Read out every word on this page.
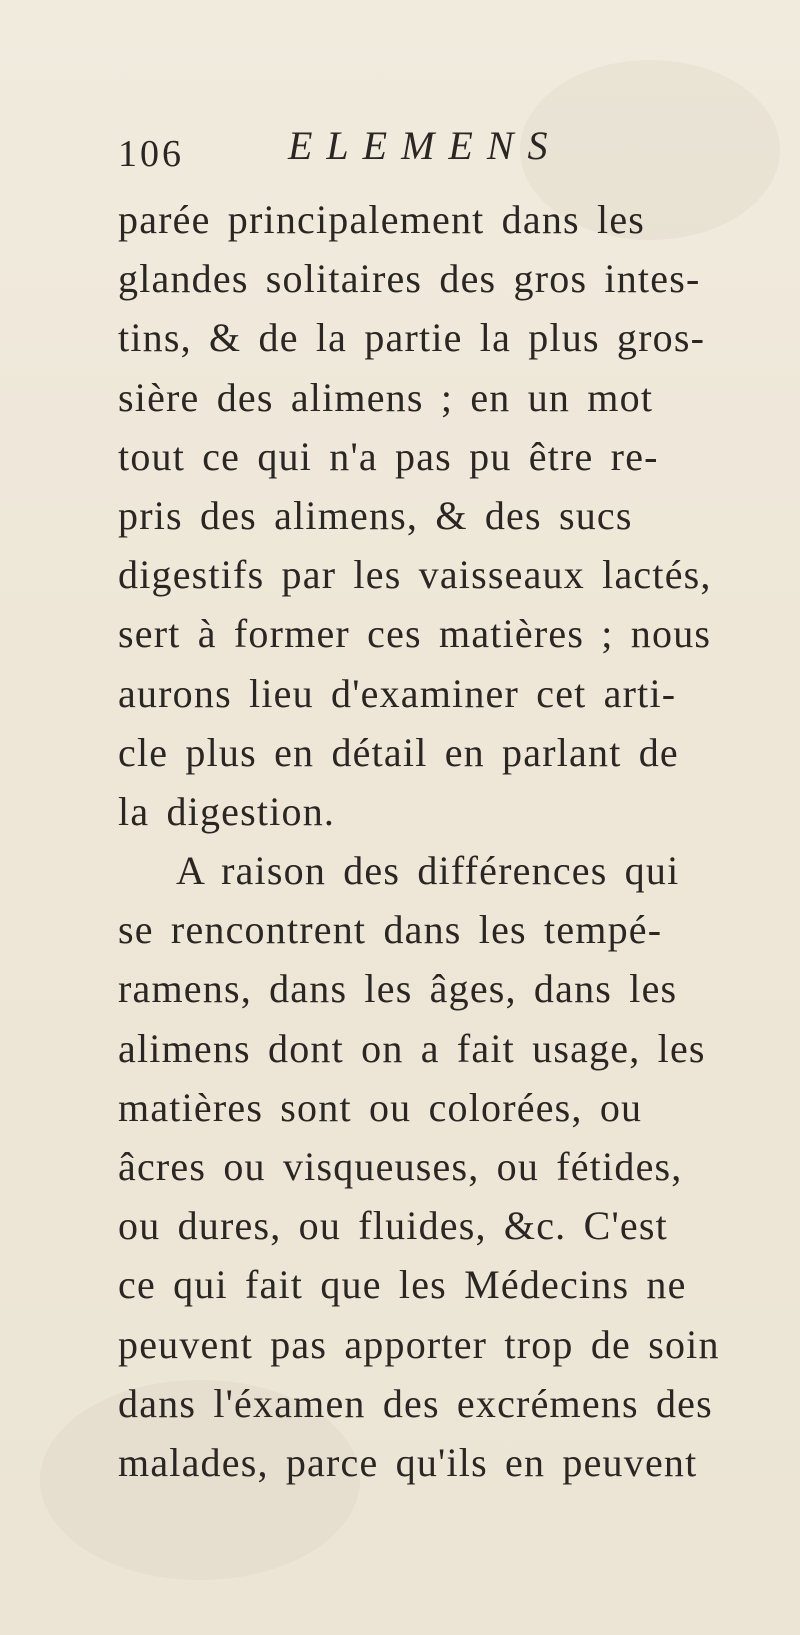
106	ELEMENS
parée principalement dans les
glandes solitaires des gros intes-
tins, & de la partie la plus gros-
sière des alimens ; en un mot
tout ce qui n'a pas pu être re-
pris des alimens, & des sucs
digestifs par les vaisseaux lactés,
sert à former ces matières ; nous
aurons lieu d'examiner cet arti-
cle plus en détail en parlant de
la digestion.
A raison des différences qui
se rencontrent dans les tempé-
ramens, dans les âges, dans les
alimens dont on a fait usage, les
matières sont ou colorées, ou
âcres ou visqueuses, ou fétides,
ou dures, ou fluides, &c. C'est
ce qui fait que les Médecins ne
peuvent pas apporter trop de soin
dans l'éxamen des excrémens des
malades, parce qu'ils en peuvent
